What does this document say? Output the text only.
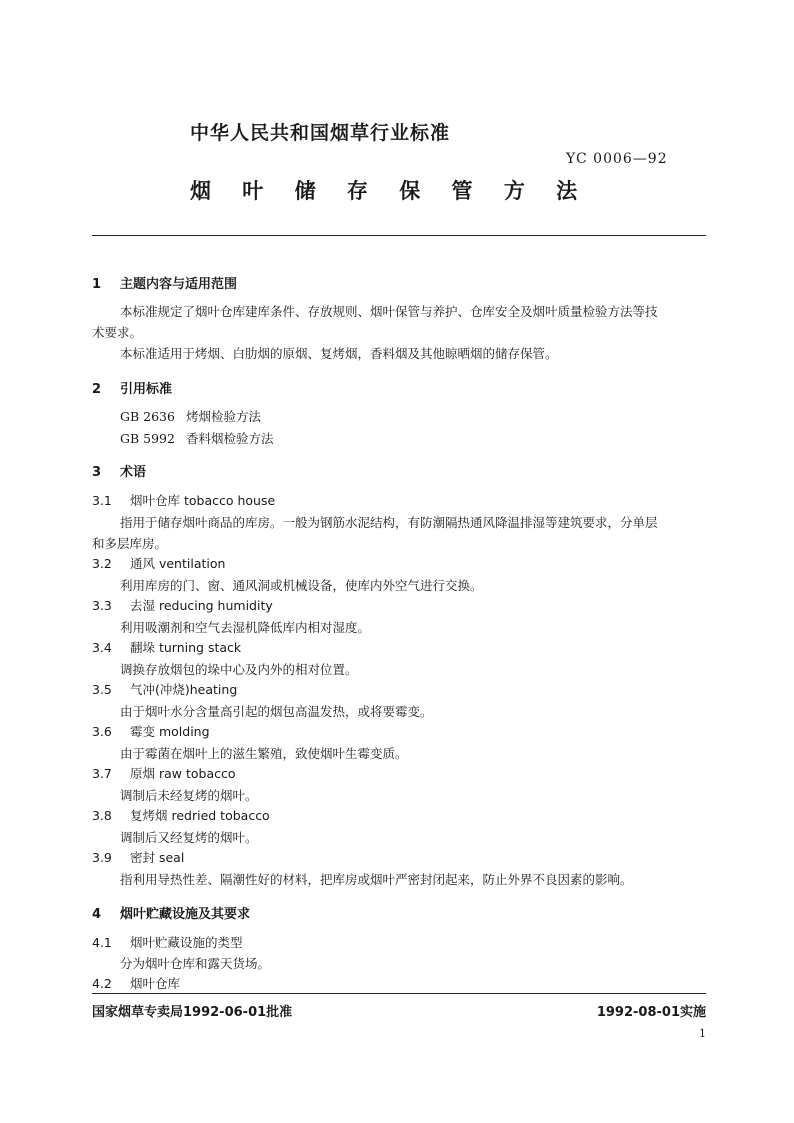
中华人民共和国烟草行业标准
YC 0006—92
烟 叶 储 存 保 管 方 法
1 主题内容与适用范围
本标准规定了烟叶仓库建库条件、存放规则、烟叶保管与养护、仓库安全及烟叶质量检验方法等技
术要求。
本标准适用于烤烟、白肋烟的原烟、复烤烟，香料烟及其他晾晒烟的储存保管。
2 引用标准
GB 2636 烤烟检验方法
GB 5992 香料烟检验方法
3 术语
3.1 烟叶仓库 tobacco house
指用于储存烟叶商品的库房。一般为钢筋水泥结构，有防潮隔热通风降温排湿等建筑要求，分单层
和多层库房。
3.2 通风 ventilation
利用库房的门、窗、通风洞或机械设备，使库内外空气进行交换。
3.3 去湿 reducing humidity
利用吸潮剂和空气去湿机降低库内相对湿度。
3.4 翻垛 turning stack
调换存放烟包的垛中心及内外的相对位置。
3.5 气冲(冲烧)heating
由于烟叶水分含量高引起的烟包高温发热，或将要霉变。
3.6 霉变 molding
由于霉菌在烟叶上的滋生繁殖，致使烟叶生霉变质。
3.7 原烟 raw tobacco
调制后未经复烤的烟叶。
3.8 复烤烟 redried tobacco
调制后又经复烤的烟叶。
3.9 密封 seal
指利用导热性差、隔潮性好的材料，把库房或烟叶严密封闭起来，防止外界不良因素的影响。
4 烟叶贮藏设施及其要求
4.1 烟叶贮藏设施的类型
分为烟叶仓库和露天货场。
4.2 烟叶仓库
国家烟草专卖局1992-06-01批准	1992-08-01实施
1
